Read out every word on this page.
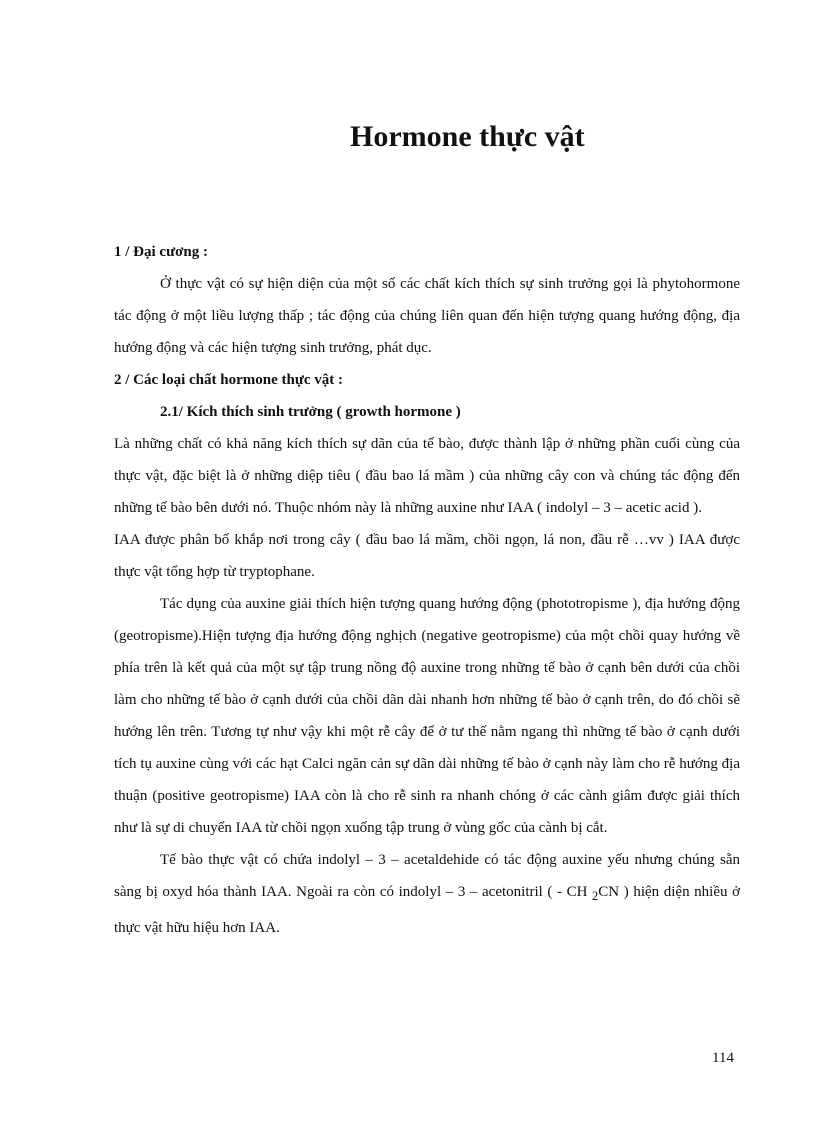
Hormone thực vật

1 / Đại cương :

Ở thực vật có sự hiện diện của một số các chất kích thích sự sinh trưởng gọi là phytohormone tác động ở một liều lượng thấp ; tác động của chúng liên quan đến hiện tượng quang hướng động, địa hướng động và các hiện tượng sinh trưởng, phát dục.

2 / Các loại chất hormone thực vật :

2.1/ Kích thích sinh trưởng ( growth hormone )

Là những chất có khả năng kích thích sự dãn của tế bào, được thành lập ở những phần cuối cùng của thực vật, đặc biệt là ở những diệp tiêu ( đầu bao lá mầm ) của những cây con và chúng tác động đến những tế bào bên dưới nó. Thuộc nhóm này là những auxine như IAA ( indolyl – 3 – acetic acid ).

IAA được phân bố khắp nơi trong cây ( đầu bao lá mầm, chồi ngọn, lá non, đầu rễ …vv ) IAA được thực vật tổng hợp từ tryptophane.

Tác dụng của auxine giải thích hiện tượng quang hướng động (phototropisme ), địa hướng động (geotropisme).Hiện tượng địa hướng động nghịch (negative geotropisme) của một chồi quay hướng về phía trên là kết quả của một sự tập trung nồng độ auxine trong những tế bào ở cạnh bên dưới của chồi làm cho những tế bào ở cạnh dưới của chồi dãn dài nhanh hơn những tế bào ở cạnh trên, do đó chồi sẽ hướng lên trên. Tương tự như vậy khi một rễ cây để ở tư thế nằm ngang thì những tế bào ở cạnh dưới tích tụ auxine cùng với các hạt Calci ngăn cản sự dãn dài những tế bào ở cạnh này làm cho rễ hướng địa thuận (positive geotropisme) IAA còn là cho rễ sinh ra nhanh chóng ở các cành giâm được giải thích như là sự di chuyển IAA từ chồi ngọn xuống tập trung ở vùng gốc của cành bị cắt.

Tế bào thực vật có chứa indolyl – 3 – acetaldehide có tác động auxine yếu nhưng chúng sẵn sàng bị oxyd hóa thành IAA. Ngoài ra còn có indolyl – 3 – acetonitril ( - CH $_2$CN ) hiện diện nhiều ở thực vật hữu hiệu hơn IAA.

114
